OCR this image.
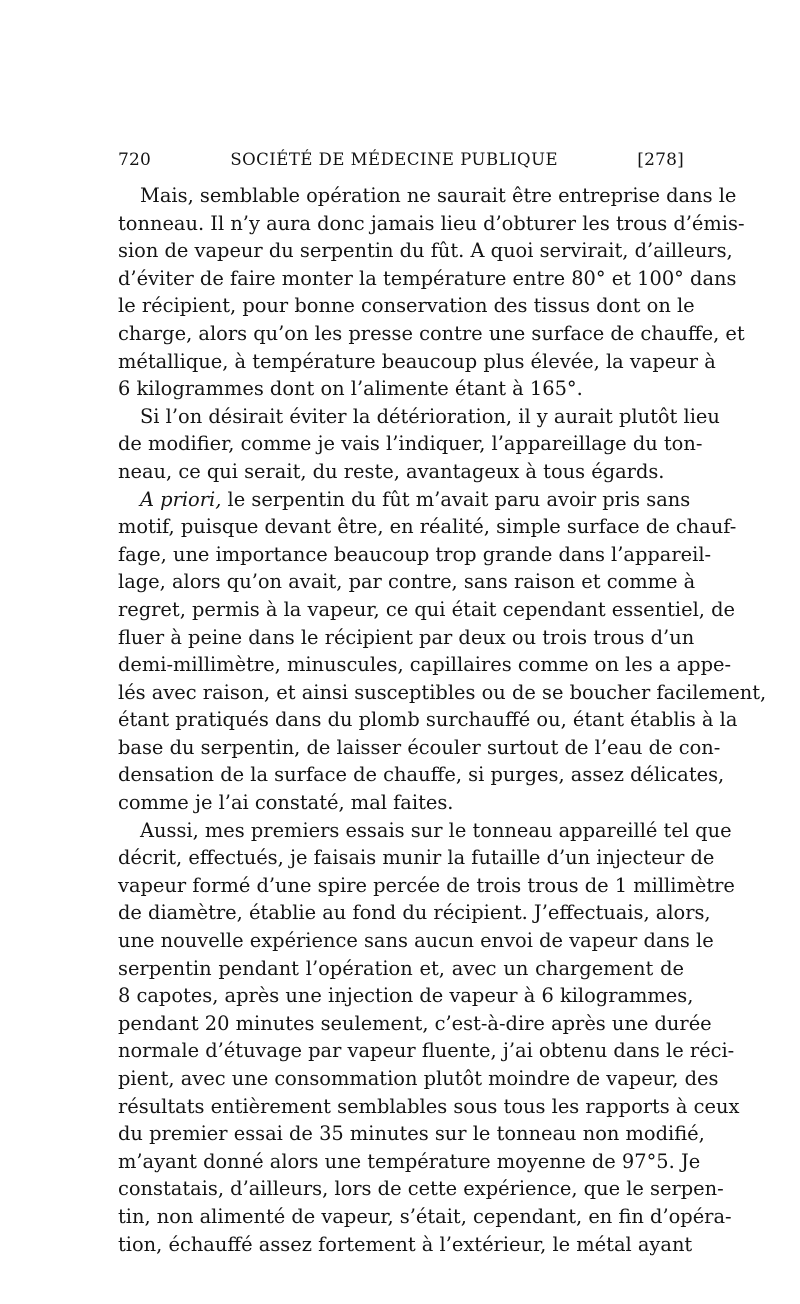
720	SOCIÉTÉ DE MÉDECINE PUBLIQUE	[278]
Mais, semblable opération ne saurait être entreprise dans le
tonneau. Il n’y aura donc jamais lieu d’obturer les trous d’émis-
sion de vapeur du serpentin du fût. A quoi servirait, d’ailleurs,
d’éviter de faire monter la température entre 80° et 100° dans
le récipient, pour bonne conservation des tissus dont on le
charge, alors qu’on les presse contre une surface de chauffe, et
métallique, à température beaucoup plus élevée, la vapeur à
6 kilogrammes dont on l’alimente étant à 165°.
Si l’on désirait éviter la détérioration, il y aurait plutôt lieu
de modifier, comme je vais l’indiquer, l’appareillage du ton-
neau, ce qui serait, du reste, avantageux à tous égards.
A priori, le serpentin du fût m’avait paru avoir pris sans
motif, puisque devant être, en réalité, simple surface de chauf-
fage, une importance beaucoup trop grande dans l’appareil-
lage, alors qu’on avait, par contre, sans raison et comme à
regret, permis à la vapeur, ce qui était cependant essentiel, de
fluer à peine dans le récipient par deux ou trois trous d’un
demi-millimètre, minuscules, capillaires comme on les a appe-
lés avec raison, et ainsi susceptibles ou de se boucher facilement,
étant pratiqués dans du plomb surchauffé ou, étant établis à la
base du serpentin, de laisser écouler surtout de l’eau de con-
densation de la surface de chauffe, si purges, assez délicates,
comme je l’ai constaté, mal faites.
Aussi, mes premiers essais sur le tonneau appareillé tel que
décrit, effectués, je faisais munir la futaille d’un injecteur de
vapeur formé d’une spire percée de trois trous de 1 millimètre
de diamètre, établie au fond du récipient. J’effectuais, alors,
une nouvelle expérience sans aucun envoi de vapeur dans le
serpentin pendant l’opération et, avec un chargement de
8 capotes, après une injection de vapeur à 6 kilogrammes,
pendant 20 minutes seulement, c’est-à-dire après une durée
normale d’étuvage par vapeur fluente, j’ai obtenu dans le réci-
pient, avec une consommation plutôt moindre de vapeur, des
résultats entièrement semblables sous tous les rapports à ceux
du premier essai de 35 minutes sur le tonneau non modifié,
m’ayant donné alors une température moyenne de 97°5. Je
constatais, d’ailleurs, lors de cette expérience, que le serpen-
tin, non alimenté de vapeur, s’était, cependant, en fin d’opéra-
tion, échauffé assez fortement à l’extérieur, le métal ayant
